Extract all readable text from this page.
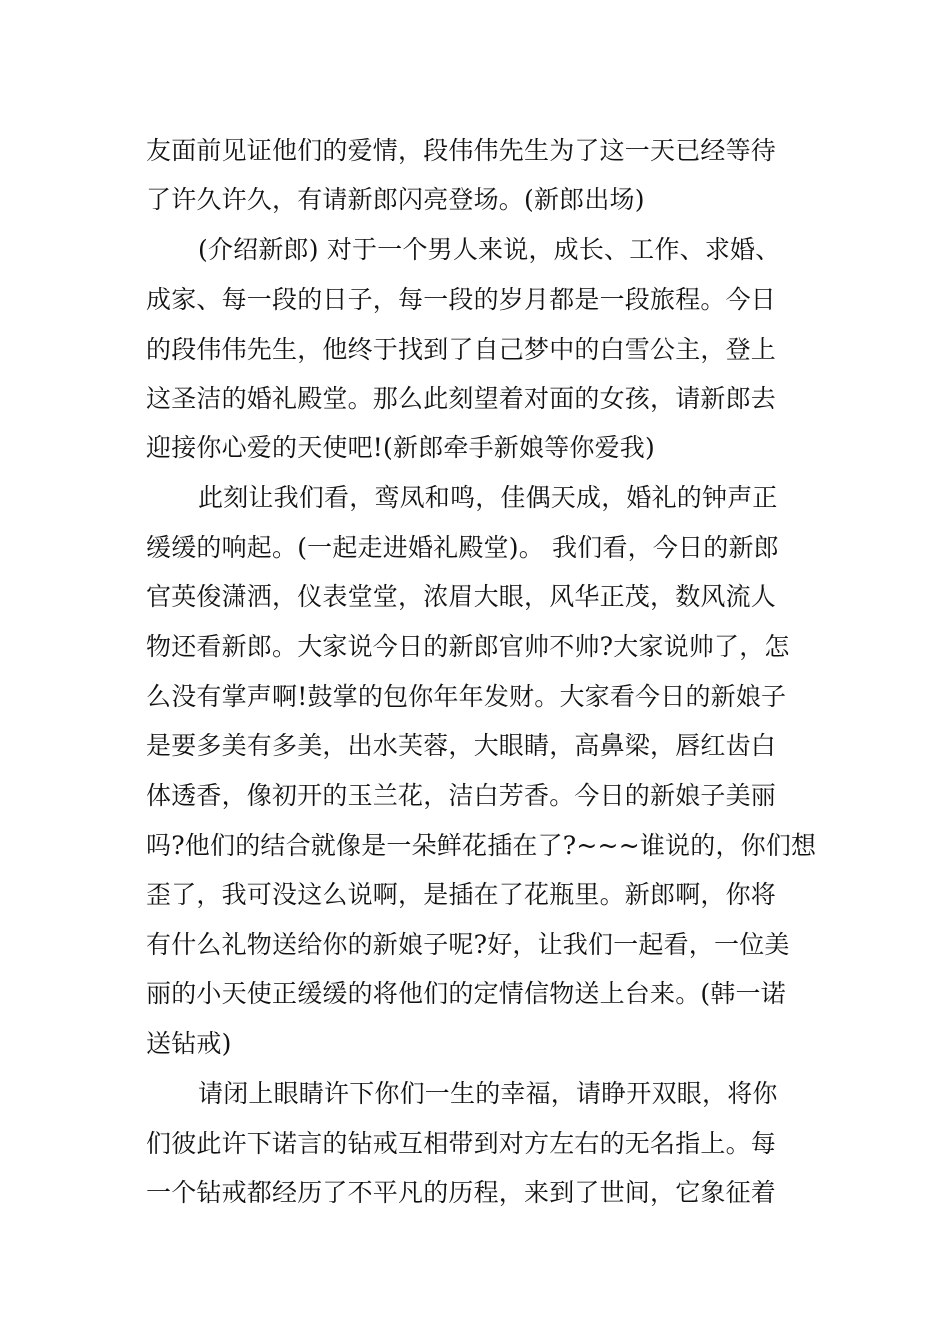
友面前见证他们的爱情，段伟伟先生为了这一天已经等待
了许久许久，有请新郎闪亮登场。(新郎出场)
(介绍新郎) 对于一个男人来说，成长、工作、求婚、
成家、每一段的日子，每一段的岁月都是一段旅程。今日
的段伟伟先生，他终于找到了自己梦中的白雪公主，登上
这圣洁的婚礼殿堂。那么此刻望着对面的女孩，请新郎去
迎接你心爱的天使吧!(新郎牵手新娘等你爱我)
此刻让我们看，鸾凤和鸣，佳偶天成，婚礼的钟声正
缓缓的响起。(一起走进婚礼殿堂)。 我们看，今日的新郎
官英俊潇洒，仪表堂堂，浓眉大眼，风华正茂，数风流人
物还看新郎。大家说今日的新郎官帅不帅?大家说帅了，怎
么没有掌声啊!鼓掌的包你年年发财。大家看今日的新娘子
是要多美有多美，出水芙蓉，大眼睛，高鼻梁，唇红齿白
体透香，像初开的玉兰花，洁白芳香。今日的新娘子美丽
吗?他们的结合就像是一朵鲜花插在了?~~~谁说的，你们想
歪了，我可没这么说啊，是插在了花瓶里。新郎啊，你将
有什么礼物送给你的新娘子呢?好，让我们一起看，一位美
丽的小天使正缓缓的将他们的定情信物送上台来。(韩一诺
送钻戒)
请闭上眼睛许下你们一生的幸福，请睁开双眼，将你
们彼此许下诺言的钻戒互相带到对方左右的无名指上。每
一个钻戒都经历了不平凡的历程，来到了世间，它象征着
